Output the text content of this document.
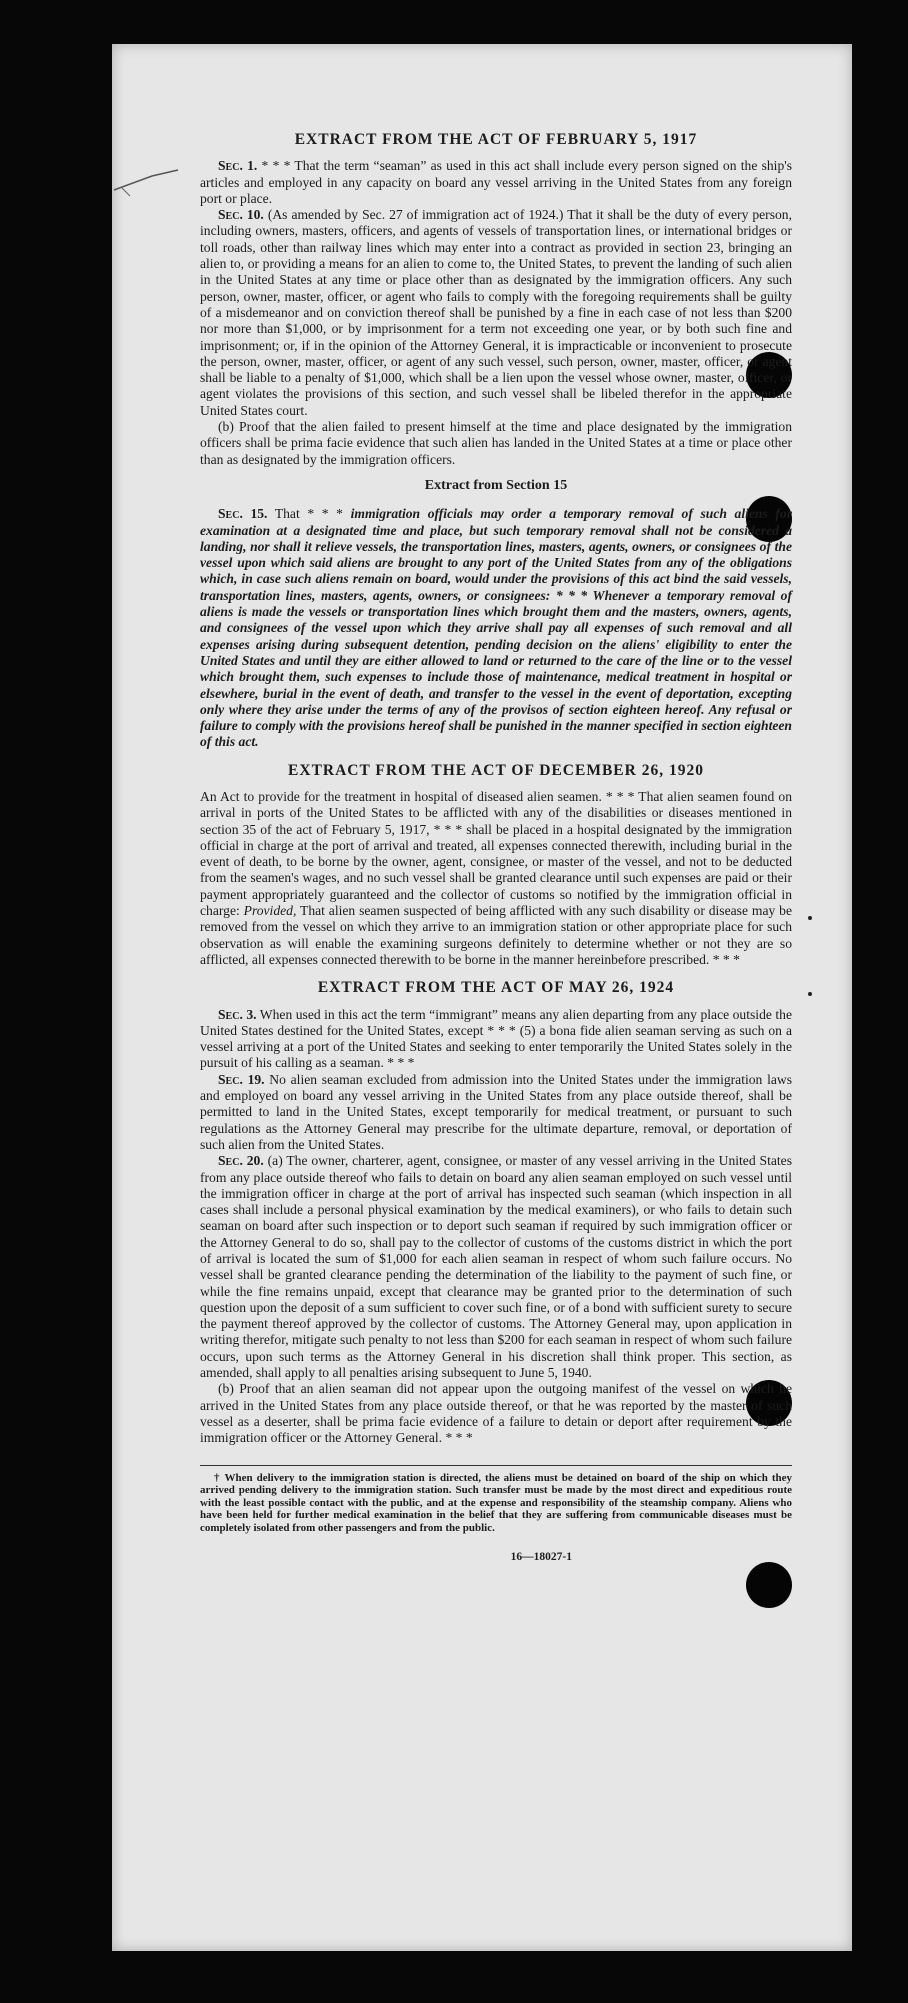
EXTRACT FROM THE ACT OF FEBRUARY 5, 1917

Sec. 1. * * * That the term “seaman” as used in this act shall include every person signed on the ship's articles and employed in any capacity on board any vessel arriving in the United States from any foreign port or place.

Sec. 10. (As amended by Sec. 27 of immigration act of 1924.) That it shall be the duty of every person, including owners, masters, officers, and agents of vessels of transportation lines, or international bridges or toll roads, other than railway lines which may enter into a contract as provided in section 23, bringing an alien to, or providing a means for an alien to come to, the United States, to prevent the landing of such alien in the United States at any time or place other than as designated by the immigration officers. Any such person, owner, master, officer, or agent who fails to comply with the foregoing requirements shall be guilty of a misdemeanor and on conviction thereof shall be punished by a fine in each case of not less than $200 nor more than $1,000, or by imprisonment for a term not exceeding one year, or by both such fine and imprisonment; or, if in the opinion of the Attorney General, it is impracticable or inconvenient to prosecute the person, owner, master, officer, or agent of any such vessel, such person, owner, master, officer, or agent shall be liable to a penalty of $1,000, which shall be a lien upon the vessel whose owner, master, officer, or agent violates the provisions of this section, and such vessel shall be libeled therefor in the appropriate United States court.

(b) Proof that the alien failed to present himself at the time and place designated by the immigration officers shall be prima facie evidence that such alien has landed in the United States at a time or place other than as designated by the immigration officers.

Extract from Section 15

Sec. 15. That * * * immigration officials may order a temporary removal of such aliens for examination at a designated time and place, but such temporary removal shall not be considered a landing, nor shall it relieve vessels, the transportation lines, masters, agents, owners, or consignees of the vessel upon which said aliens are brought to any port of the United States from any of the obligations which, in case such aliens remain on board, would under the provisions of this act bind the said vessels, transportation lines, masters, agents, owners, or consignees: * * * Whenever a temporary removal of aliens is made the vessels or transportation lines which brought them and the masters, owners, agents, and consignees of the vessel upon which they arrive shall pay all expenses of such removal and all expenses arising during subsequent detention, pending decision on the aliens' eligibility to enter the United States and until they are either allowed to land or returned to the care of the line or to the vessel which brought them, such expenses to include those of maintenance, medical treatment in hospital or elsewhere, burial in the event of death, and transfer to the vessel in the event of deportation, excepting only where they arise under the terms of any of the provisos of section eighteen hereof. Any refusal or failure to comply with the provisions hereof shall be punished in the manner specified in section eighteen of this act.

EXTRACT FROM THE ACT OF DECEMBER 26, 1920

An Act to provide for the treatment in hospital of diseased alien seamen. * * * That alien seamen found on arrival in ports of the United States to be afflicted with any of the disabilities or diseases mentioned in section 35 of the act of February 5, 1917, * * * shall be placed in a hospital designated by the immigration official in charge at the port of arrival and treated, all expenses connected therewith, including burial in the event of death, to be borne by the owner, agent, consignee, or master of the vessel, and not to be deducted from the seamen's wages, and no such vessel shall be granted clearance until such expenses are paid or their payment appropriately guaranteed and the collector of customs so notified by the immigration official in charge: Provided, That alien seamen suspected of being afflicted with any such disability or disease may be removed from the vessel on which they arrive to an immigration station or other appropriate place for such observation as will enable the examining surgeons definitely to determine whether or not they are so afflicted, all expenses connected therewith to be borne in the manner hereinbefore prescribed. * * *

EXTRACT FROM THE ACT OF MAY 26, 1924

Sec. 3. When used in this act the term “immigrant” means any alien departing from any place outside the United States destined for the United States, except * * * (5) a bona fide alien seaman serving as such on a vessel arriving at a port of the United States and seeking to enter temporarily the United States solely in the pursuit of his calling as a seaman. * * *

Sec. 19. No alien seaman excluded from admission into the United States under the immigration laws and employed on board any vessel arriving in the United States from any place outside thereof, shall be permitted to land in the United States, except temporarily for medical treatment, or pursuant to such regulations as the Attorney General may prescribe for the ultimate departure, removal, or deportation of such alien from the United States.

Sec. 20. (a) The owner, charterer, agent, consignee, or master of any vessel arriving in the United States from any place outside thereof who fails to detain on board any alien seaman employed on such vessel until the immigration officer in charge at the port of arrival has inspected such seaman (which inspection in all cases shall include a personal physical examination by the medical examiners), or who fails to detain such seaman on board after such inspection or to deport such seaman if required by such immigration officer or the Attorney General to do so, shall pay to the collector of customs of the customs district in which the port of arrival is located the sum of $1,000 for each alien seaman in respect of whom such failure occurs. No vessel shall be granted clearance pending the determination of the liability to the payment of such fine, or while the fine remains unpaid, except that clearance may be granted prior to the determination of such question upon the deposit of a sum sufficient to cover such fine, or of a bond with sufficient surety to secure the payment thereof approved by the collector of customs. The Attorney General may, upon application in writing therefor, mitigate such penalty to not less than $200 for each seaman in respect of whom such failure occurs, upon such terms as the Attorney General in his discretion shall think proper. This section, as amended, shall apply to all penalties arising subsequent to June 5, 1940.

(b) Proof that an alien seaman did not appear upon the outgoing manifest of the vessel on which he arrived in the United States from any place outside thereof, or that he was reported by the master of such vessel as a deserter, shall be prima facie evidence of a failure to detain or deport after requirement by the immigration officer or the Attorney General. * * *

† When delivery to the immigration station is directed, the aliens must be detained on board of the ship on which they arrived pending delivery to the immigration station. Such transfer must be made by the most direct and expeditious route with the least possible contact with the public, and at the expense and responsibility of the steamship company. Aliens who have been held for further medical examination in the belief that they are suffering from communicable diseases must be completely isolated from other passengers and from the public.

16—18027-1
